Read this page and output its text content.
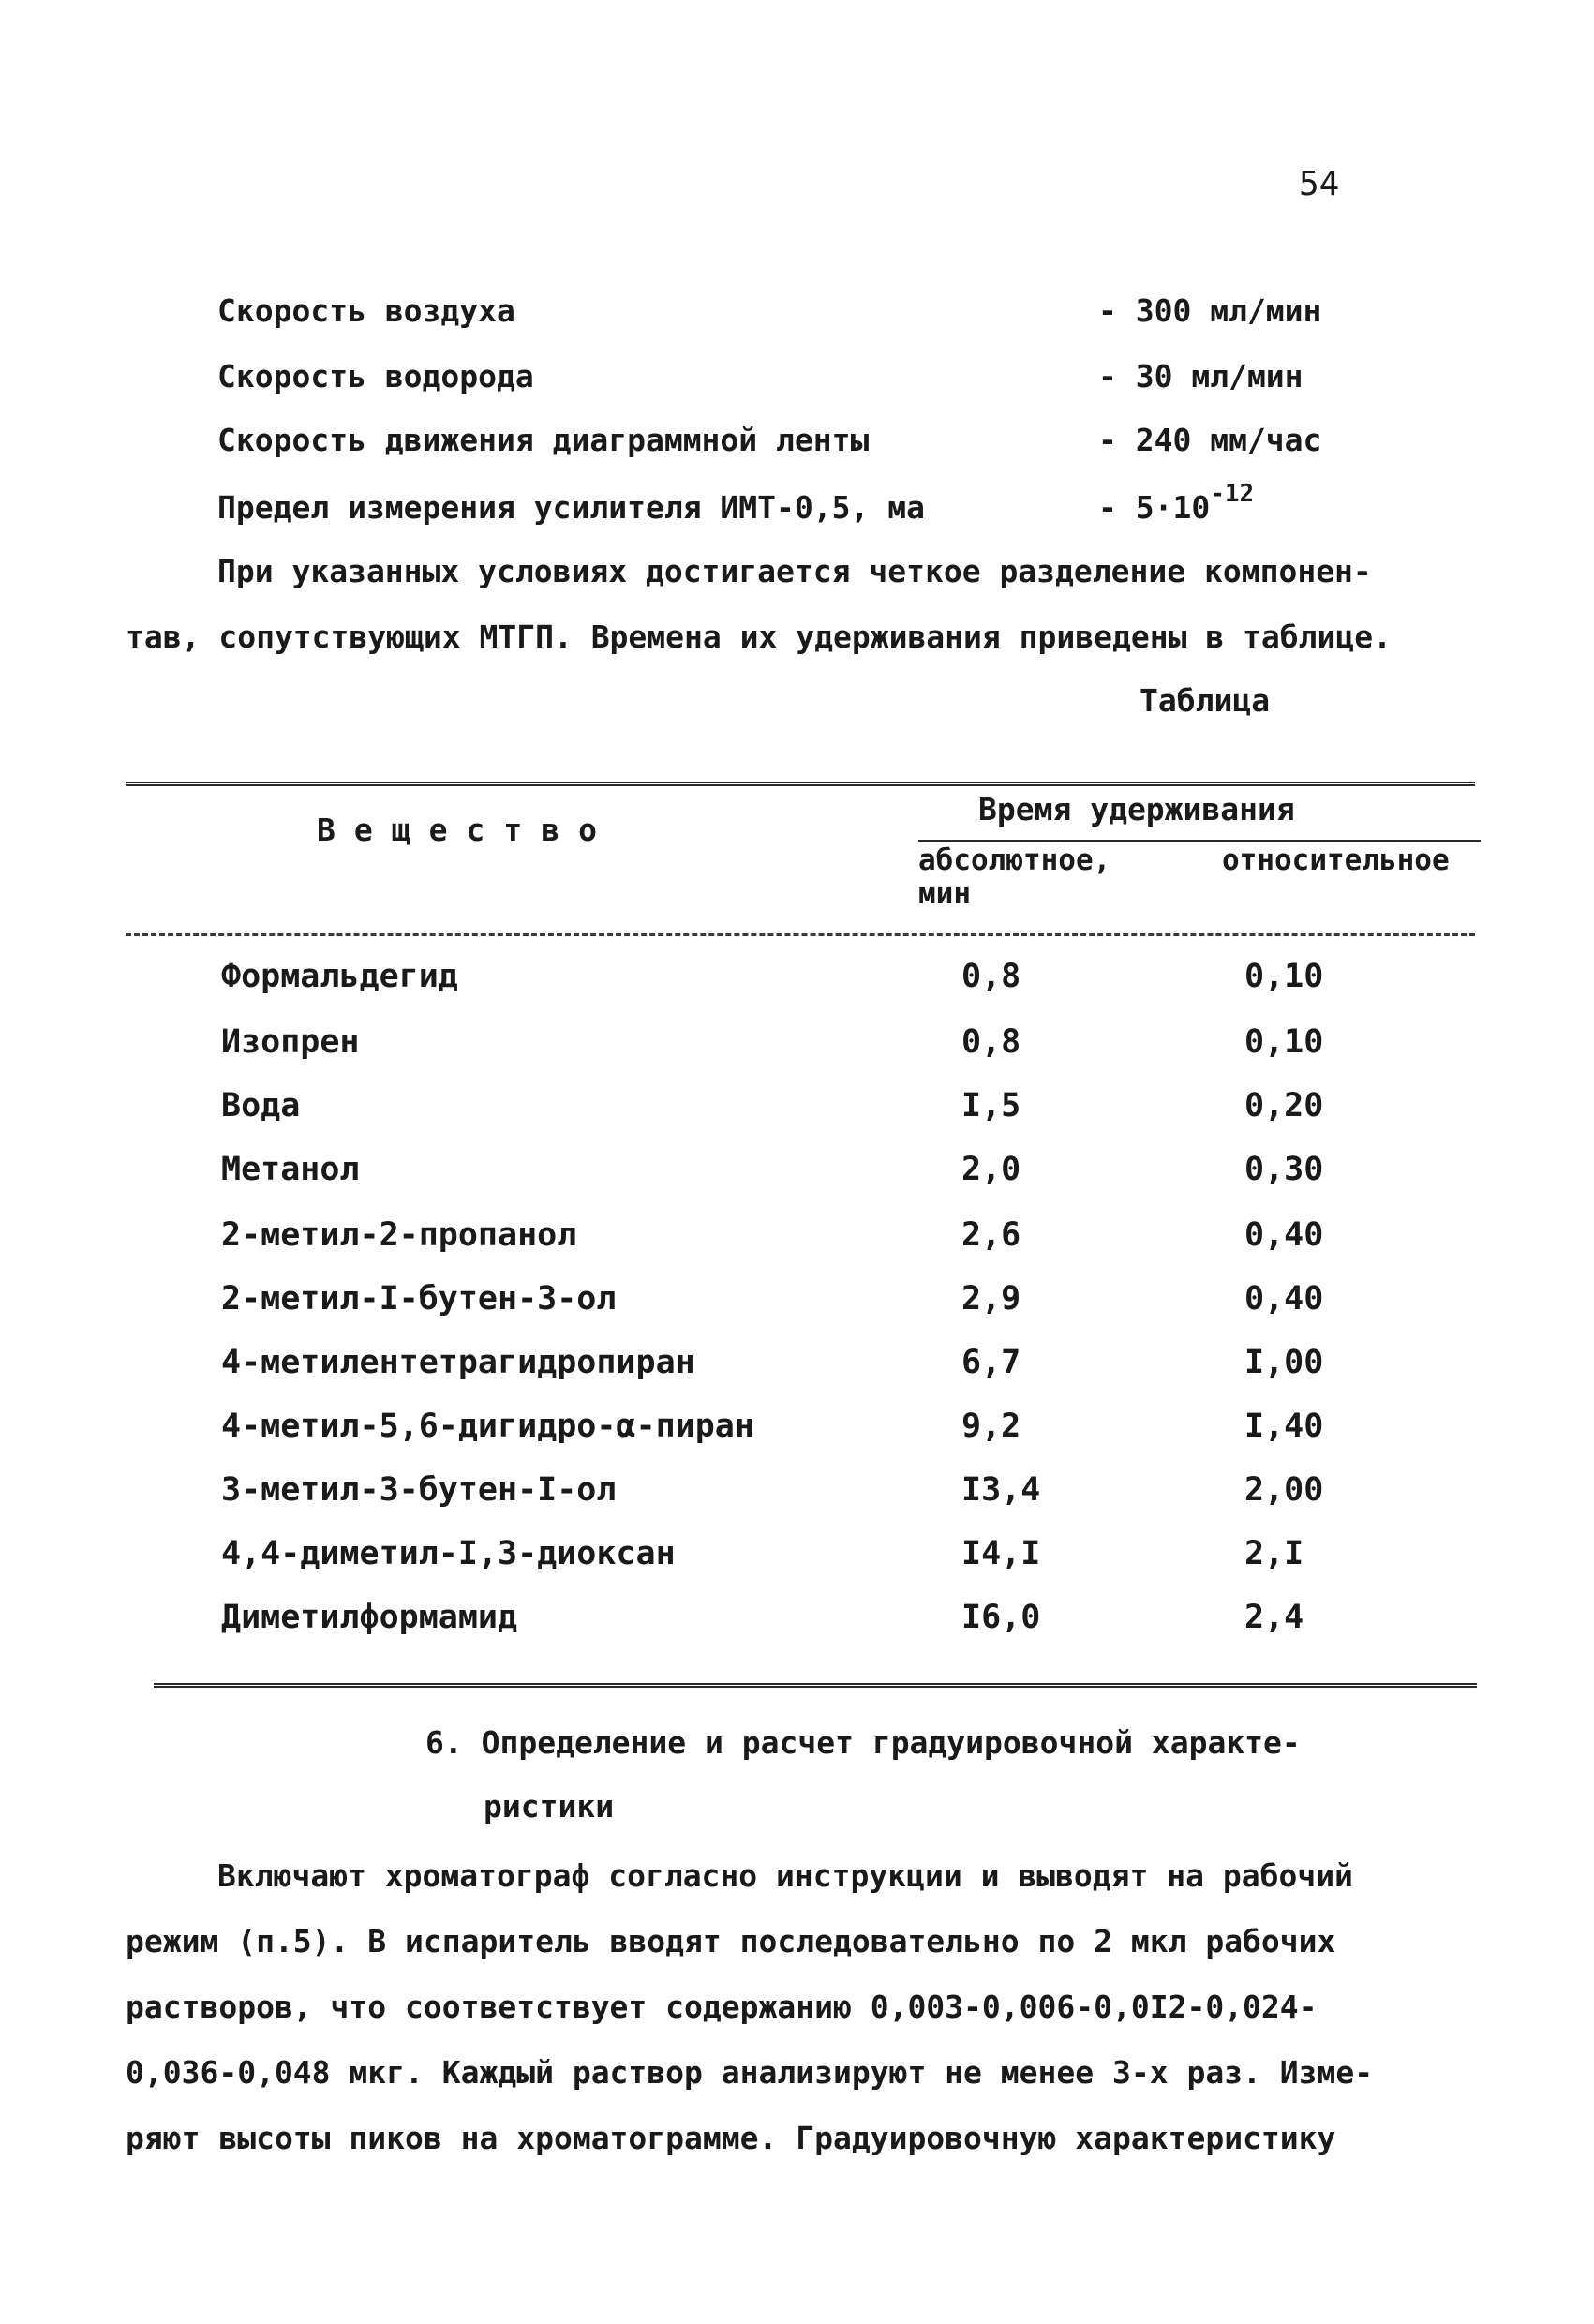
54
Скорость воздуха	- 300 мл/мин
Скорость водорода	- 30 мл/мин
Скорость движения диаграммной ленты	- 240 мм/час
Предел измерения усилителя ИМТ-0,5, ма	- $5\cdot 10^{-12}$
При указанных условиях достигается четкое разделение компонен-
тав, сопутствующих МТГП. Времена их удерживания приведены в таблице.
Таблица
Вещество
Время удерживания
абсолютное, мин
относительное
Формальдегид	0,8	0,10
Изопрен	0,8	0,10
Вода	I,5	0,20
Метанол	2,0	0,30
2-метил-2-пропанол	2,6	0,40
2-метил-I-бутен-3-ол	2,9	0,40
4-метилентетрагидропиран	6,7	I,00
4-метил-5,6-дигидро-α-пиран	9,2	I,40
3-метил-3-бутен-I-ол	I3,4	2,00
4,4-диметил-I,3-диоксан	I4,I	2,I
Диметилформамид	I6,0	2,4
6. Определение и расчет градуировочной характе-
ристики
Включают хроматограф согласно инструкции и выводят на рабочий
режим (п.5). В испаритель вводят последовательно по 2 мкл рабочих
растворов, что соответствует содержанию 0,003-0,006-0,0I2-0,024-
0,036-0,048 мкг. Каждый раствор анализируют не менее 3-х раз. Изме-
ряют высоты пиков на хроматограмме. Градуировочную характеристику
